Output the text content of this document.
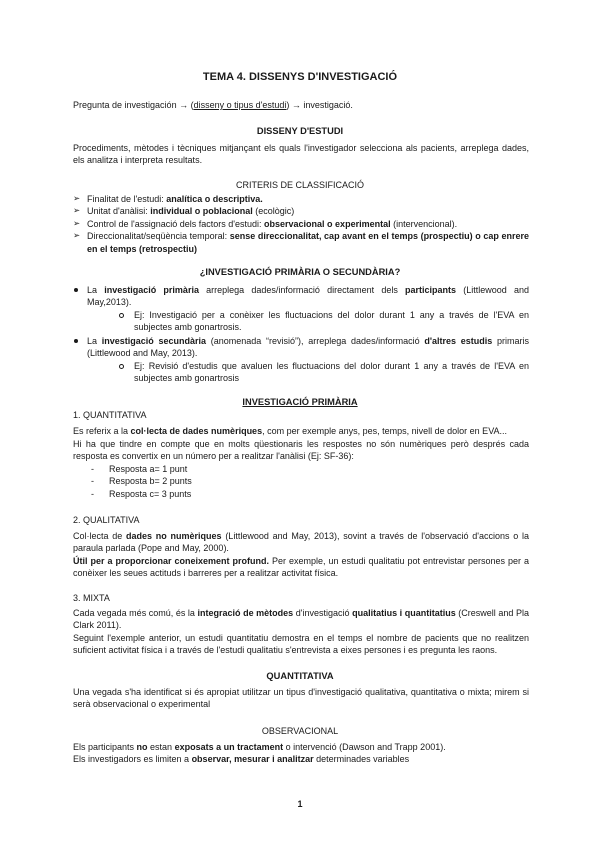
TEMA 4. DISSENYS D'INVESTIGACIÓ
Pregunta de investigación → (disseny o tipus d'estudi) → investigació.
DISSENY D'ESTUDI
Procediments, mètodes i tècniques mitjançant els quals l'investigador selecciona als pacients, arreplega dades, els analitza i interpreta resultats.
CRITERIS DE CLASSIFICACIÓ
➢
Finalitat de l'estudi: analítica o descriptiva.
➢
Unitat d'anàlisi: individual o poblacional (ecològic)
➢
Control de l'assignació dels factors d'estudi: observacional o experimental (intervencional).
➢
Direccionalitat/seqüència temporal: sense direccionalitat, cap avant en el temps (prospectiu) o cap enrere en el temps (retrospectiu)
¿INVESTIGACIÓ PRIMÀRIA O SECUNDÀRIA?
La investigació primària arreplega dades/informació directament dels participants (Littlewood and May,2013).
Ej: Investigació per a conèixer les fluctuacions del dolor durant 1 any a través de l'EVA en subjectes amb gonartrosis.
La investigació secundària (anomenada “revisió”), arreplega dades/informació d'altres estudis primaris (Littlewood and May, 2013).
Ej: Revisió d'estudis que avaluen les fluctuacions del dolor durant 1 any a través de l'EVA en subjectes amb gonartrosis
INVESTIGACIÓ PRIMÀRIA
1. QUANTITATIVA
Es referix a la col·lecta de dades numèriques, com per exemple anys, pes, temps, nivell de dolor en EVA...
Hi ha que tindre en compte que en molts qüestionaris les respostes no són numèriques però després cada resposta es convertix en un número per a realitzar l'anàlisi (Ej: SF-36):
-
Resposta a= 1 punt
-
Resposta b= 2 punts
-
Resposta c= 3 punts
2. QUALITATIVA
Col·lecta de dades no numèriques (Littlewood and May, 2013), sovint a través de l'observació d'accions o la paraula parlada (Pope and May, 2000).
Útil per a proporcionar coneixement profund. Per exemple, un estudi qualitatiu pot entrevistar persones per a conèixer les seues actituds i barreres per a realitzar activitat física.
3. MIXTA
Cada vegada més comú, és la integració de mètodes d'investigació qualitatius i quantitatius (Creswell and Pla Clark 2011).
Seguint l'exemple anterior, un estudi quantitatiu demostra en el temps el nombre de pacients que no realitzen suficient activitat física i a través de l'estudi qualitatiu s'entrevista a eixes persones i es pregunta les raons.
QUANTITATIVA
Una vegada s'ha identificat si és apropiat utilitzar un tipus d'investigació qualitativa, quantitativa o mixta; mirem si serà observacional o experimental
OBSERVACIONAL
Els participants no estan exposats a un tractament o intervenció (Dawson and Trapp 2001).
Els investigadors es limiten a observar, mesurar i analitzar determinades variables
1
